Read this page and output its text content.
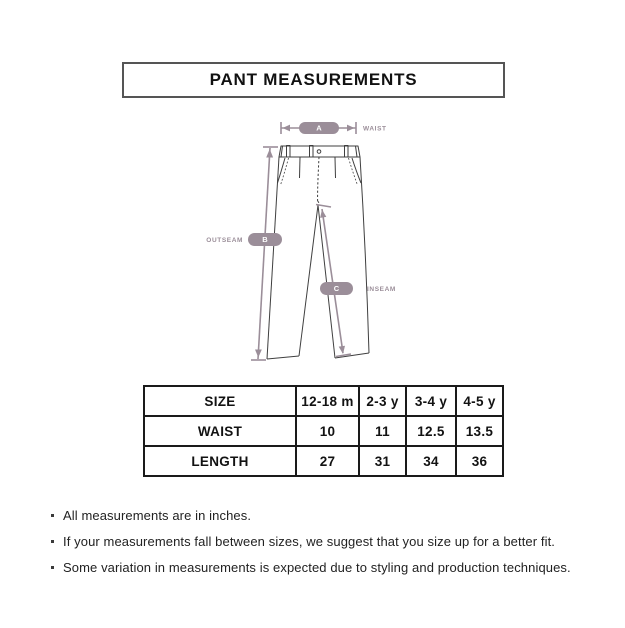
PANT MEASUREMENTS
A	WAIST
B
OUTSEAM
C	INSEAM
SIZE	12-18 m	2-3 y	3-4 y	4-5 y
WAIST	10	11	12.5	13.5
LENGTH	27	31	34	36
All measurements are in inches.
If your measurements fall between sizes, we suggest that you size up for a better fit.
Some variation in measurements is expected due to styling and production techniques.
